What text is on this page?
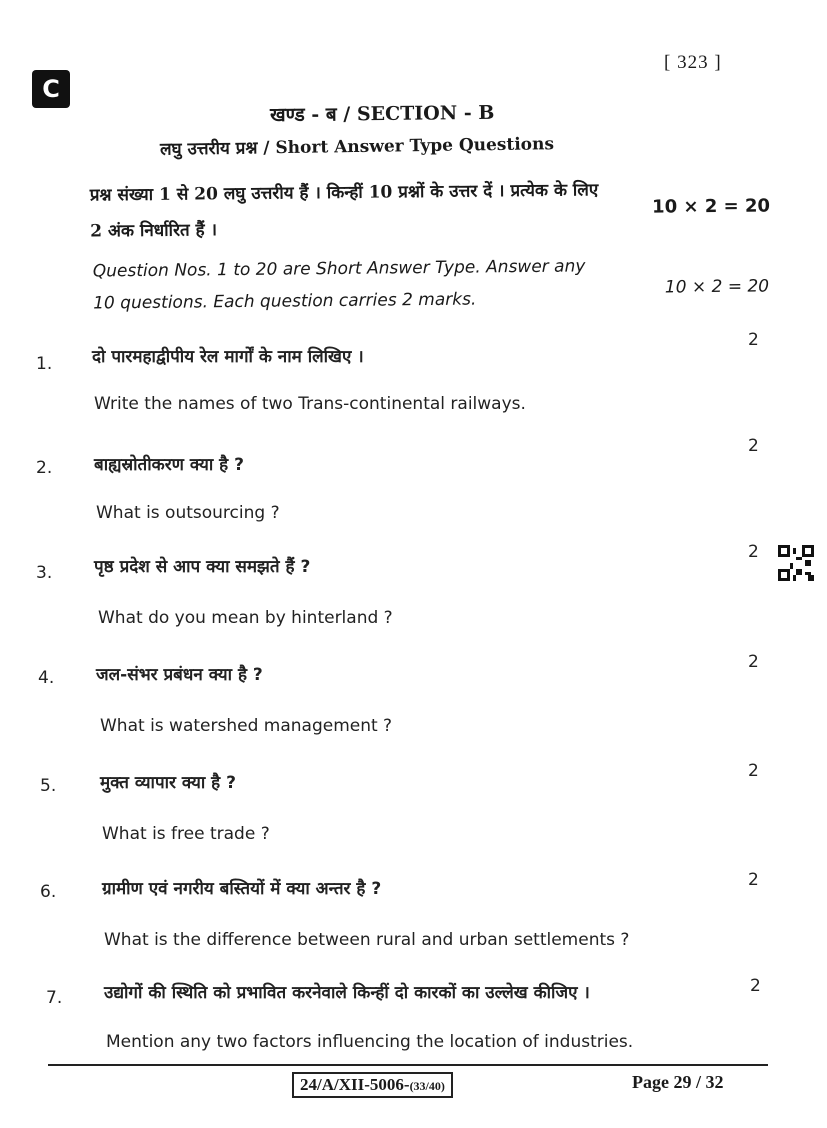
[ 323 ]
C
खण्ड - ब / SECTION - B
लघु उत्तरीय प्रश्न / Short Answer Type Questions
प्रश्न संख्या 1 से 20 लघु उत्तरीय हैं । किन्हीं 10 प्रश्नों के उत्तर दें । प्रत्येक के लिए
2 अंक निर्धारित हैं ।
10 × 2 = 20
Question Nos. 1 to 20 are Short Answer Type. Answer any
10 questions. Each question carries 2 marks.
10 × 2 = 20
2
1. दो पारमहाद्वीपीय रेल मार्गों के नाम लिखिए ।
Write the names of two Trans-continental railways.
2
2. बाह्यस्रोतीकरण क्या है ?
What is outsourcing ?
2
3. पृष्ठ प्रदेश से आप क्या समझते हैं ?
What do you mean by hinterland ?
2
4. जल-संभर प्रबंधन क्या है ?
What is watershed management ?
2
5.	मुक्त व्यापार क्या है ?
What is free trade ?
2
6.	ग्रामीण एवं नगरीय बस्तियों में क्या अन्तर है ?
What is the difference between rural and urban settlements ?
2
7. उद्योगों की स्थिति को प्रभावित करनेवाले किन्हीं दो कारकों का उल्लेख कीजिए ।
Mention any two factors influencing the location of industries.
24/A/XII-5006-(33/40)	Page 29 / 32
